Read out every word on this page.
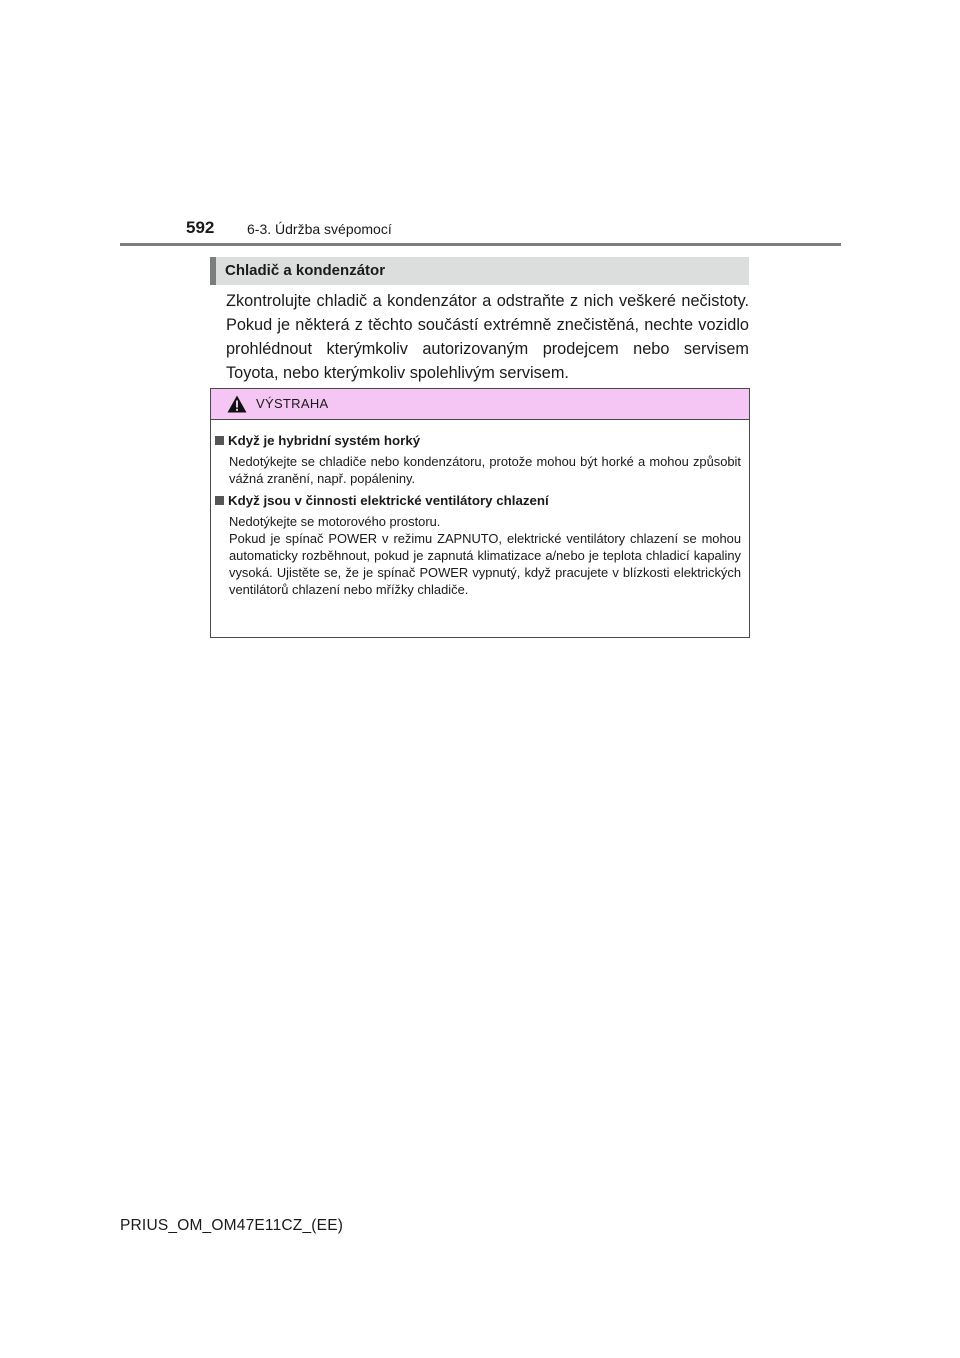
592 6-3. Údržba svépomocí
Chladič a kondenzátor

Zkontrolujte chladič a kondenzátor a odstraňte z nich veškeré nečistoty. Pokud je některá z těchto součástí extrémně znečistěná, nechte vozidlo prohlédnout kterýmkoliv autorizovaným prodejcem nebo servisem Toyota, nebo kterýmkoliv spolehlivým servisem.

VÝSTRAHA
Když je hybridní systém horký
Nedotýkejte se chladiče nebo kondenzátoru, protože mohou být horké a mohou způsobit vážná zranění, např. popáleniny.
Když jsou v činnosti elektrické ventilátory chlazení
Nedotýkejte se motorového prostoru.
Pokud je spínač POWER v režimu ZAPNUTO, elektrické ventilátory chlazení se mohou automaticky rozběhnout, pokud je zapnutá klimatizace a/nebo je teplota chladicí kapaliny vysoká. Ujistěte se, že je spínač POWER vypnutý, když pracujete v blízkosti elektrických ventilátorů chlazení nebo mřížky chladiče.
PRIUS_OM_OM47E11CZ_(EE)
